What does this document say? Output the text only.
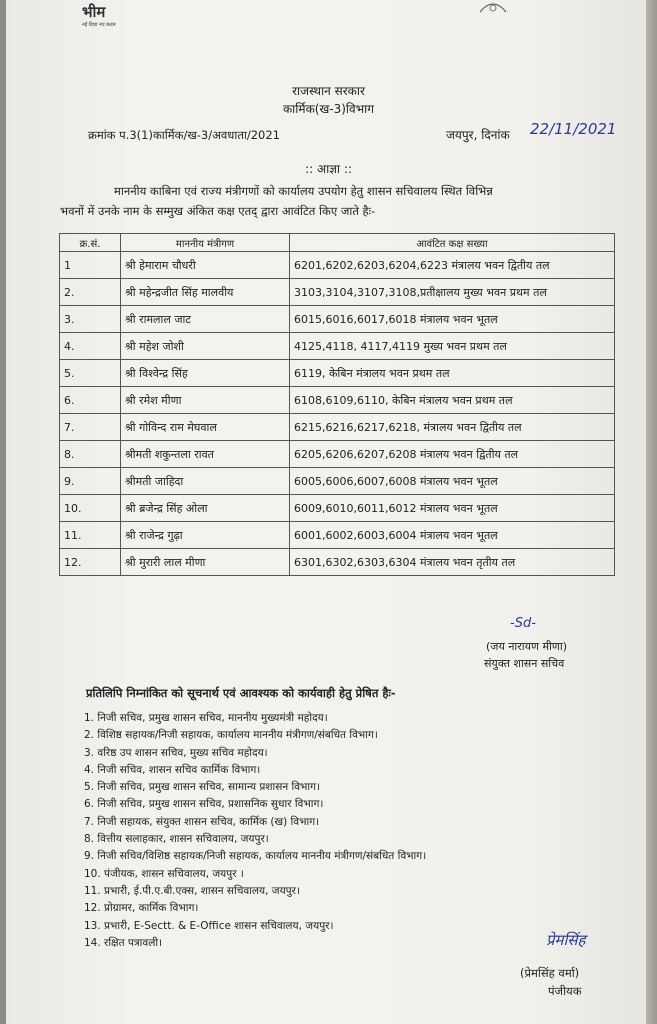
भीम
नई दिशा नए कदम
राजस्थान सरकार
कार्मिक(ख-3)विभाग
क्रमांक प.3(1)कार्मिक/ख-3/अवधाता/2021	जयपुर, दिनांक 22/11/2021
:: आज्ञा ::
माननीय काबिना एवं राज्य मंत्रीगणों को कार्यालय उपयोग हेतु शासन सचिवालय स्थित विभिन्न
भवनों में उनके नाम के सम्मुख अंकित कक्ष एतद् द्वारा आवंटित किए जाते हैः-
क्र.सं.	माननीय मंत्रीगण	आवंटित कक्ष सख्या
1	श्री हेमाराम चौधरी	6201,6202,6203,6204,6223 मंत्रालय भवन द्वितीय तल
2.	श्री महेन्द्रजीत सिंह मालवीय	3103,3104,3107,3108,प्रतीक्षालय मुख्य भवन प्रथम तल
3.	श्री रामलाल जाट	6015,6016,6017,6018 मंत्रालय भवन भूतल
4.	श्री महेश जोशी	4125,4118, 4117,4119 मुख्य भवन प्रथम तल
5.	श्री विश्वेन्द्र सिंह	6119, केबिन मंत्रालय भवन प्रथम तल
6.	श्री रमेश मीणा	6108,6109,6110, केबिन मंत्रालय भवन प्रथम तल
7.	श्री गोविन्द राम मेघवाल	6215,6216,6217,6218, मंत्रालय भवन द्वितीय तल
8.	श्रीमती शकुन्तला रावत	6205,6206,6207,6208 मंत्रालय भवन द्वितीय तल
9.	श्रीमती जाहिदा	6005,6006,6007,6008 मंत्रालय भवन भूतल
10.	श्री ब्रजेन्द्र सिंह ओला	6009,6010,6011,6012 मंत्रालय भवन भूतल
11.	श्री राजेन्द्र गुढ़ा	6001,6002,6003,6004 मंत्रालय भवन भूतल
12.	श्री मुरारी लाल मीणा	6301,6302,6303,6304 मंत्रालय भवन तृतीय तल
-Sd-
(जय नारायण मीणा)
संयुक्त शासन सचिव
प्रतिलिपि निम्नांकित को सूचनार्थ एवं आवश्यक को कार्यवाही हेतु प्रेषित हैः-
1. निजी सचिव, प्रमुख शासन सचिव, माननीय मुख्यमंत्री महोदय।
2. विशिष्ठ सहायक/निजी सहायक, कार्यालय माननीय मंत्रीगण/संबधित विभाग।
3. वरिष्ठ उप शासन सचिव, मुख्य सचिव महोदय।
4. निजी सचिव, शासन सचिव कार्मिक विभाग।
5. निजी सचिव, प्रमुख शासन सचिव, सामान्य प्रशासन विभाग।
6. निजी सचिव, प्रमुख शासन सचिव, प्रशासनिक सुधार विभाग।
7. निजी सहायक, संयुक्त शासन सचिव, कार्मिक (ख) विभाग।
8. वित्तीय सलाहकार, शासन सचिवालय, जयपुर।
9. निजी सचिव/विशिष्ठ सहायक/निजी सहायक, कार्यालय माननीय मंत्रीगण/संबधित विभाग।
10. पंजीयक, शासन सचिवालय, जयपुर ।
11. प्रभारी, ई.पी.ए.बी.एक्स, शासन सचिवालय, जयपुर।
12. प्रोग्रामर, कार्मिक विभाग।
13. प्रभारी, E-Sectt. & E-Office शासन सचिवालय, जयपुर।
14. रक्षित पत्रावली।	प्रेमसिंह
(प्रेमसिंह वर्मा)
पंजीयक
